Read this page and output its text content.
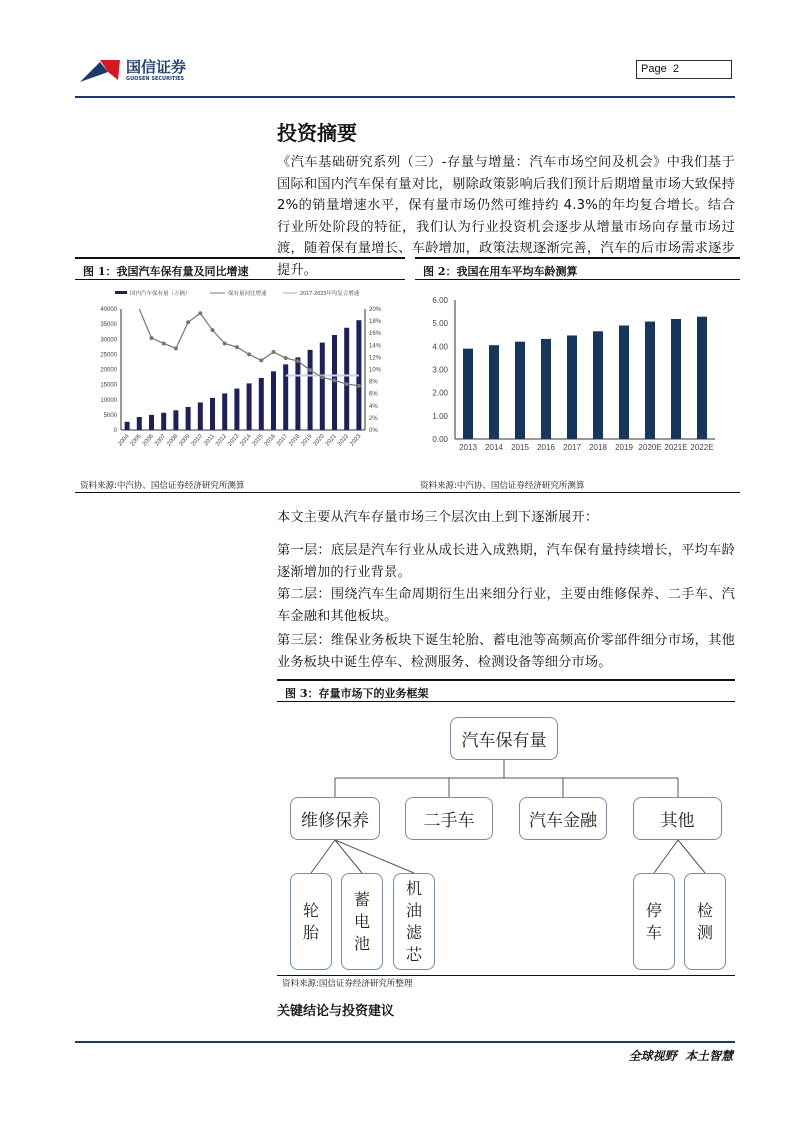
国信证券
GUOSEN SECURITIES
Page 2
投资摘要
《汽车基础研究系列（三）-存量与增量：汽车市场空间及机会》中我们基于国际和国内汽车保有量对比，剔除政策影响后我们预计后期增量市场大致保持 2%的销量增速水平，保有量市场仍然可维持约 4.3%的年均复合增长。结合行业所处阶段的特征，我们认为行业投资机会逐步从增量市场向存量市场过渡，随着保有量增长、车龄增加，政策法规逐渐完善，汽车的后市场需求逐步提升。
图 1：我国汽车保有量及同比增速	图 2：我国在用车平均车龄测算
0
5000
10000
15000
20000
25000
30000
35000
40000
0%
2%
4%
6%
8%
10%
12%
14%
16%
18%
20%
2004 2005 2006 2007 2008 2009 2010 2011 2012 2013 2014 2015 2016 2017 2018 2019 2020 2021 2022 2023
国内汽车保有量（万辆）	保有量同比增速	2017-2023年均复合增速
0.00
1.00
2.00
3.00
4.00
5.00
6.00
2013 2014 2015 2016 2017 2018 2019 2020E 2021E 2022E
资料来源:中汽协、国信证券经济研究所测算	资料来源:中汽协、国信证券经济研究所测算
本文主要从汽车存量市场三个层次由上到下逐渐展开：
第一层：底层是汽车行业从成长进入成熟期，汽车保有量持续增长，平均车龄逐渐增加的行业背景。
第二层：围绕汽车生命周期衍生出来细分行业，主要由维修保养、二手车、汽车金融和其他板块。
第三层：维保业务板块下诞生轮胎、蓄电池等高频高价零部件细分市场，其他业务板块中诞生停车、检测服务、检测设备等细分市场。
图 3：存量市场下的业务框架
汽车保有量
维修保养	二手车	汽车金融	其他
轮
胎
蓄
电
池
机
油
滤
芯
停
车
检
测
资料来源:国信证券经济研究所整理
关键结论与投资建议
全球视野  本土智慧
